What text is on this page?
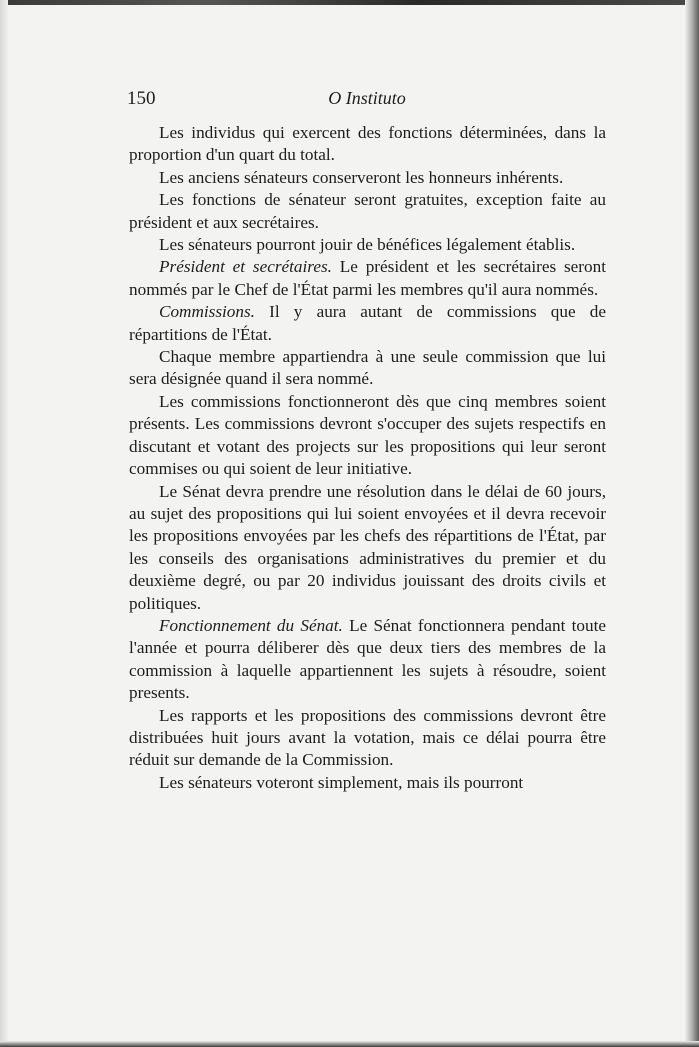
150	O Instituto

Les individus qui exercent des fonctions déterminées, dans la proportion d'un quart du total.

Les anciens sénateurs conserveront les honneurs inhérents.

Les fonctions de sénateur seront gratuites, exception faite au président et aux secrétaires.

Les sénateurs pourront jouir de bénéfices légalement établis.

Président et secrétaires. Le président et les secrétaires seront nommés par le Chef de l'État parmi les membres qu'il aura nommés.

Commissions. Il y aura autant de commissions que de répartitions de l'État.

Chaque membre appartiendra à une seule commission que lui sera désignée quand il sera nommé.

Les commissions fonctionneront dès que cinq membres soient présents. Les commissions devront s'occuper des sujets respectifs en discutant et votant des projects sur les propositions qui leur seront commises ou qui soient de leur initiative.

Le Sénat devra prendre une résolution dans le délai de 60 jours, au sujet des propositions qui lui soient envoyées et il devra recevoir les propositions envoyées par les chefs des répartitions de l'État, par les conseils des organisations administratives du premier et du deuxième degré, ou par 20 individus jouissant des droits civils et politiques.

Fonctionnement du Sénat. Le Sénat fonctionnera pendant toute l'année et pourra déliberer dès que deux tiers des membres de la commission à laquelle appartiennent les sujets à résoudre, soient presents.

Les rapports et les propositions des commissions devront être distribuées huit jours avant la votation, mais ce délai pourra être réduit sur demande de la Commission.

Les sénateurs voteront simplement, mais ils pourront
